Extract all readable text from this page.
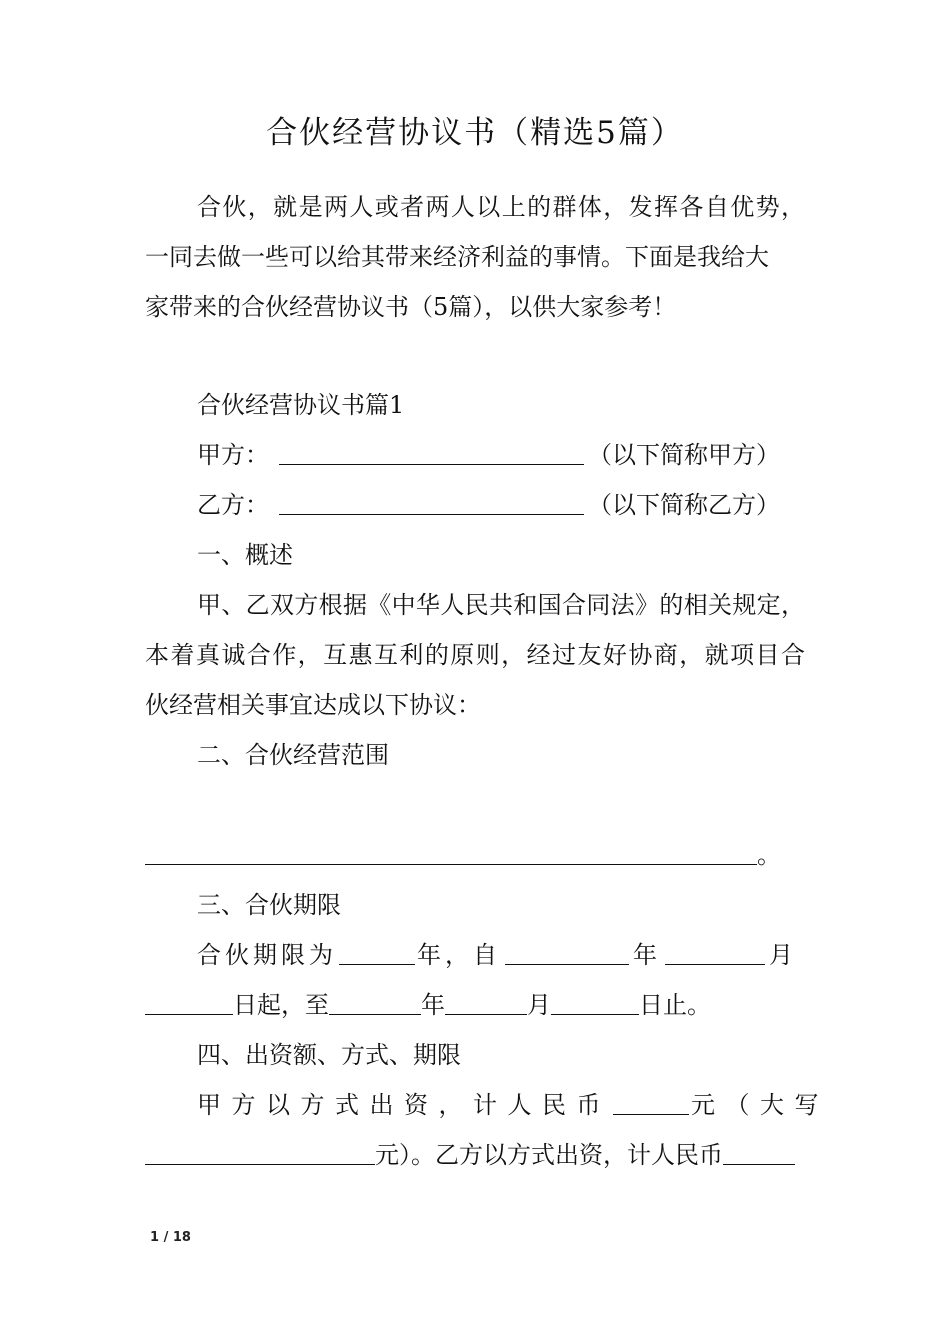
合伙经营协议书（精选5篇）
合伙，就是两人或者两人以上的群体，发挥各自优势，
一同去做一些可以给其带来经济利益的事情。下面是我给大
家带来的合伙经营协议书（5篇），以供大家参考！
合伙经营协议书篇1
甲方：	（以下简称甲方）
乙方：	（以下简称乙方）
一、概述
甲、乙双方根据《中华人民共和国合同法》的相关规定，
本着真诚合作，互惠互利的原则，经过友好协商，就项目合
伙经营相关事宜达成以下协议：
二、合伙经营范围
。
三、合伙期限
合伙期限为	年，自	年	月
日起，至	年	月	日止。
四、出资额、方式、期限
甲方以方式出资，计人民币	元（大写
元）。乙方以方式出资，计人民币
1 / 18
